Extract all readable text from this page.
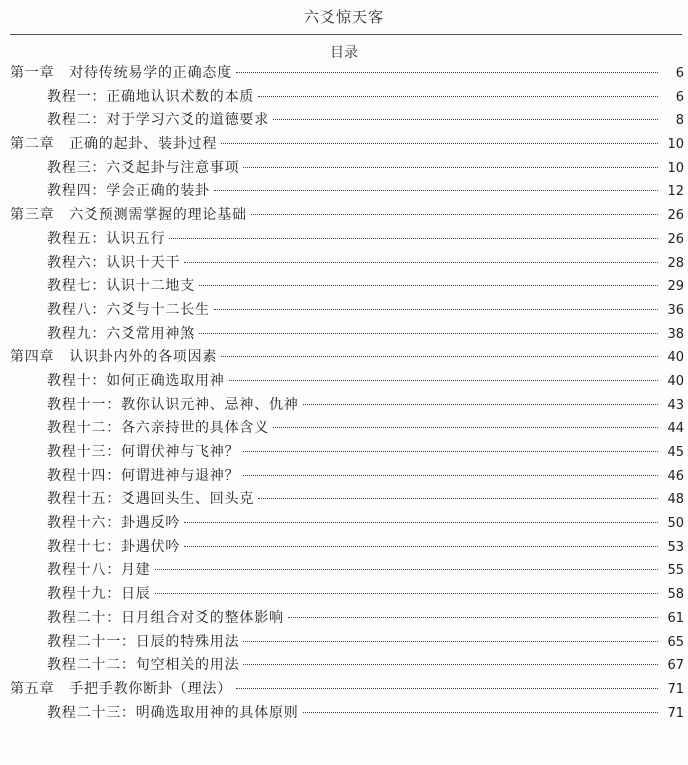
六爻惊天客
目录
第一章　对待传统易学的正确态度	6
教程一：正确地认识术数的本质	6
教程二：对于学习六爻的道德要求	8
第二章　正确的起卦、装卦过程	10
教程三：六爻起卦与注意事项	10
教程四：学会正确的装卦	12
第三章　六爻预测需掌握的理论基础	26
教程五：认识五行	26
教程六：认识十天干	28
教程七：认识十二地支	29
教程八：六爻与十二长生	36
教程九：六爻常用神煞	38
第四章　认识卦内外的各项因素	40
教程十：如何正确选取用神	40
教程十一：教你认识元神、忌神、仇神	43
教程十二：各六亲持世的具体含义	44
教程十三：何谓伏神与飞神？	45
教程十四：何谓进神与退神？	46
教程十五：爻遇回头生、回头克	48
教程十六：卦遇反吟	50
教程十七：卦遇伏吟	53
教程十八：月建	55
教程十九：日辰	58
教程二十：日月组合对爻的整体影响	61
教程二十一：日辰的特殊用法	65
教程二十二：旬空相关的用法	67
第五章　手把手教你断卦（理法）	71
教程二十三：明确选取用神的具体原则	71
